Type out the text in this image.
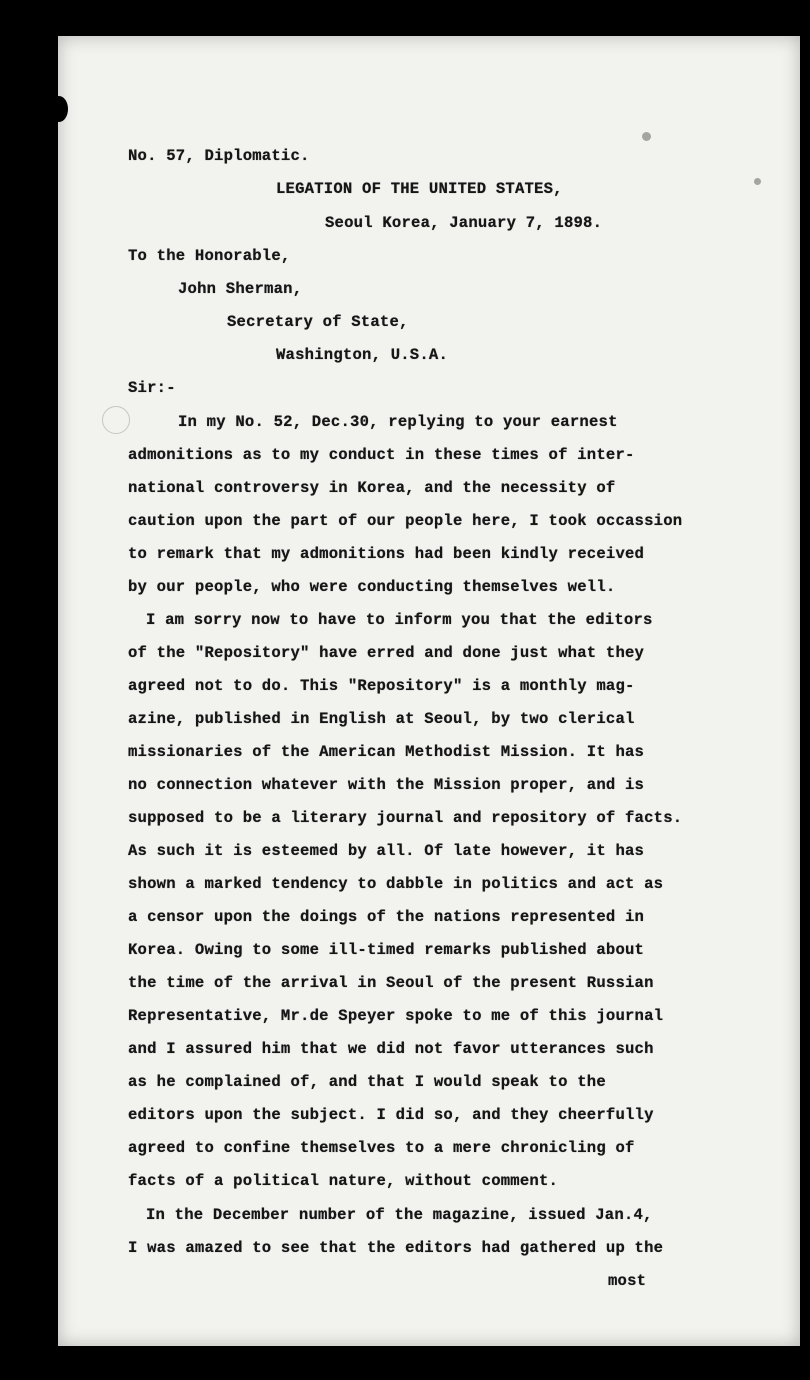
No. 57, Diplomatic.
LEGATION OF THE UNITED STATES,
Seoul Korea, January 7, 1898.
To the Honorable,
John Sherman,
Secretary of State,
Washington, U.S.A.
Sir:-
In my No. 52, Dec.30, replying to your earnest
admonitions as to my conduct in these times of inter-
national controversy in Korea, and the necessity of
caution upon the part of our people here, I took occassion
to remark that my admonitions had been kindly received
by our people, who were conducting themselves well.
I am sorry now to have to inform you that the editors
of the "Repository" have erred and done just what they
agreed not to do. This "Repository" is a monthly mag-
azine, published in English at Seoul, by two clerical
missionaries of the American Methodist Mission. It has
no connection whatever with the Mission proper, and is
supposed to be a literary journal and repository of facts.
As such it is esteemed by all. Of late however, it has
shown a marked tendency to dabble in politics and act as
a censor upon the doings of the nations represented in
Korea. Owing to some ill-timed remarks published about
the time of the arrival in Seoul of the present Russian
Representative, Mr.de Speyer spoke to me of this journal
and I assured him that we did not favor utterances such
as he complained of, and that I would speak to the
editors upon the subject. I did so, and they cheerfully
agreed to confine themselves to a mere chronicling of
facts of a political nature, without comment.
In the December number of the magazine, issued Jan.4,
I was amazed to see that the editors had gathered up the
most
